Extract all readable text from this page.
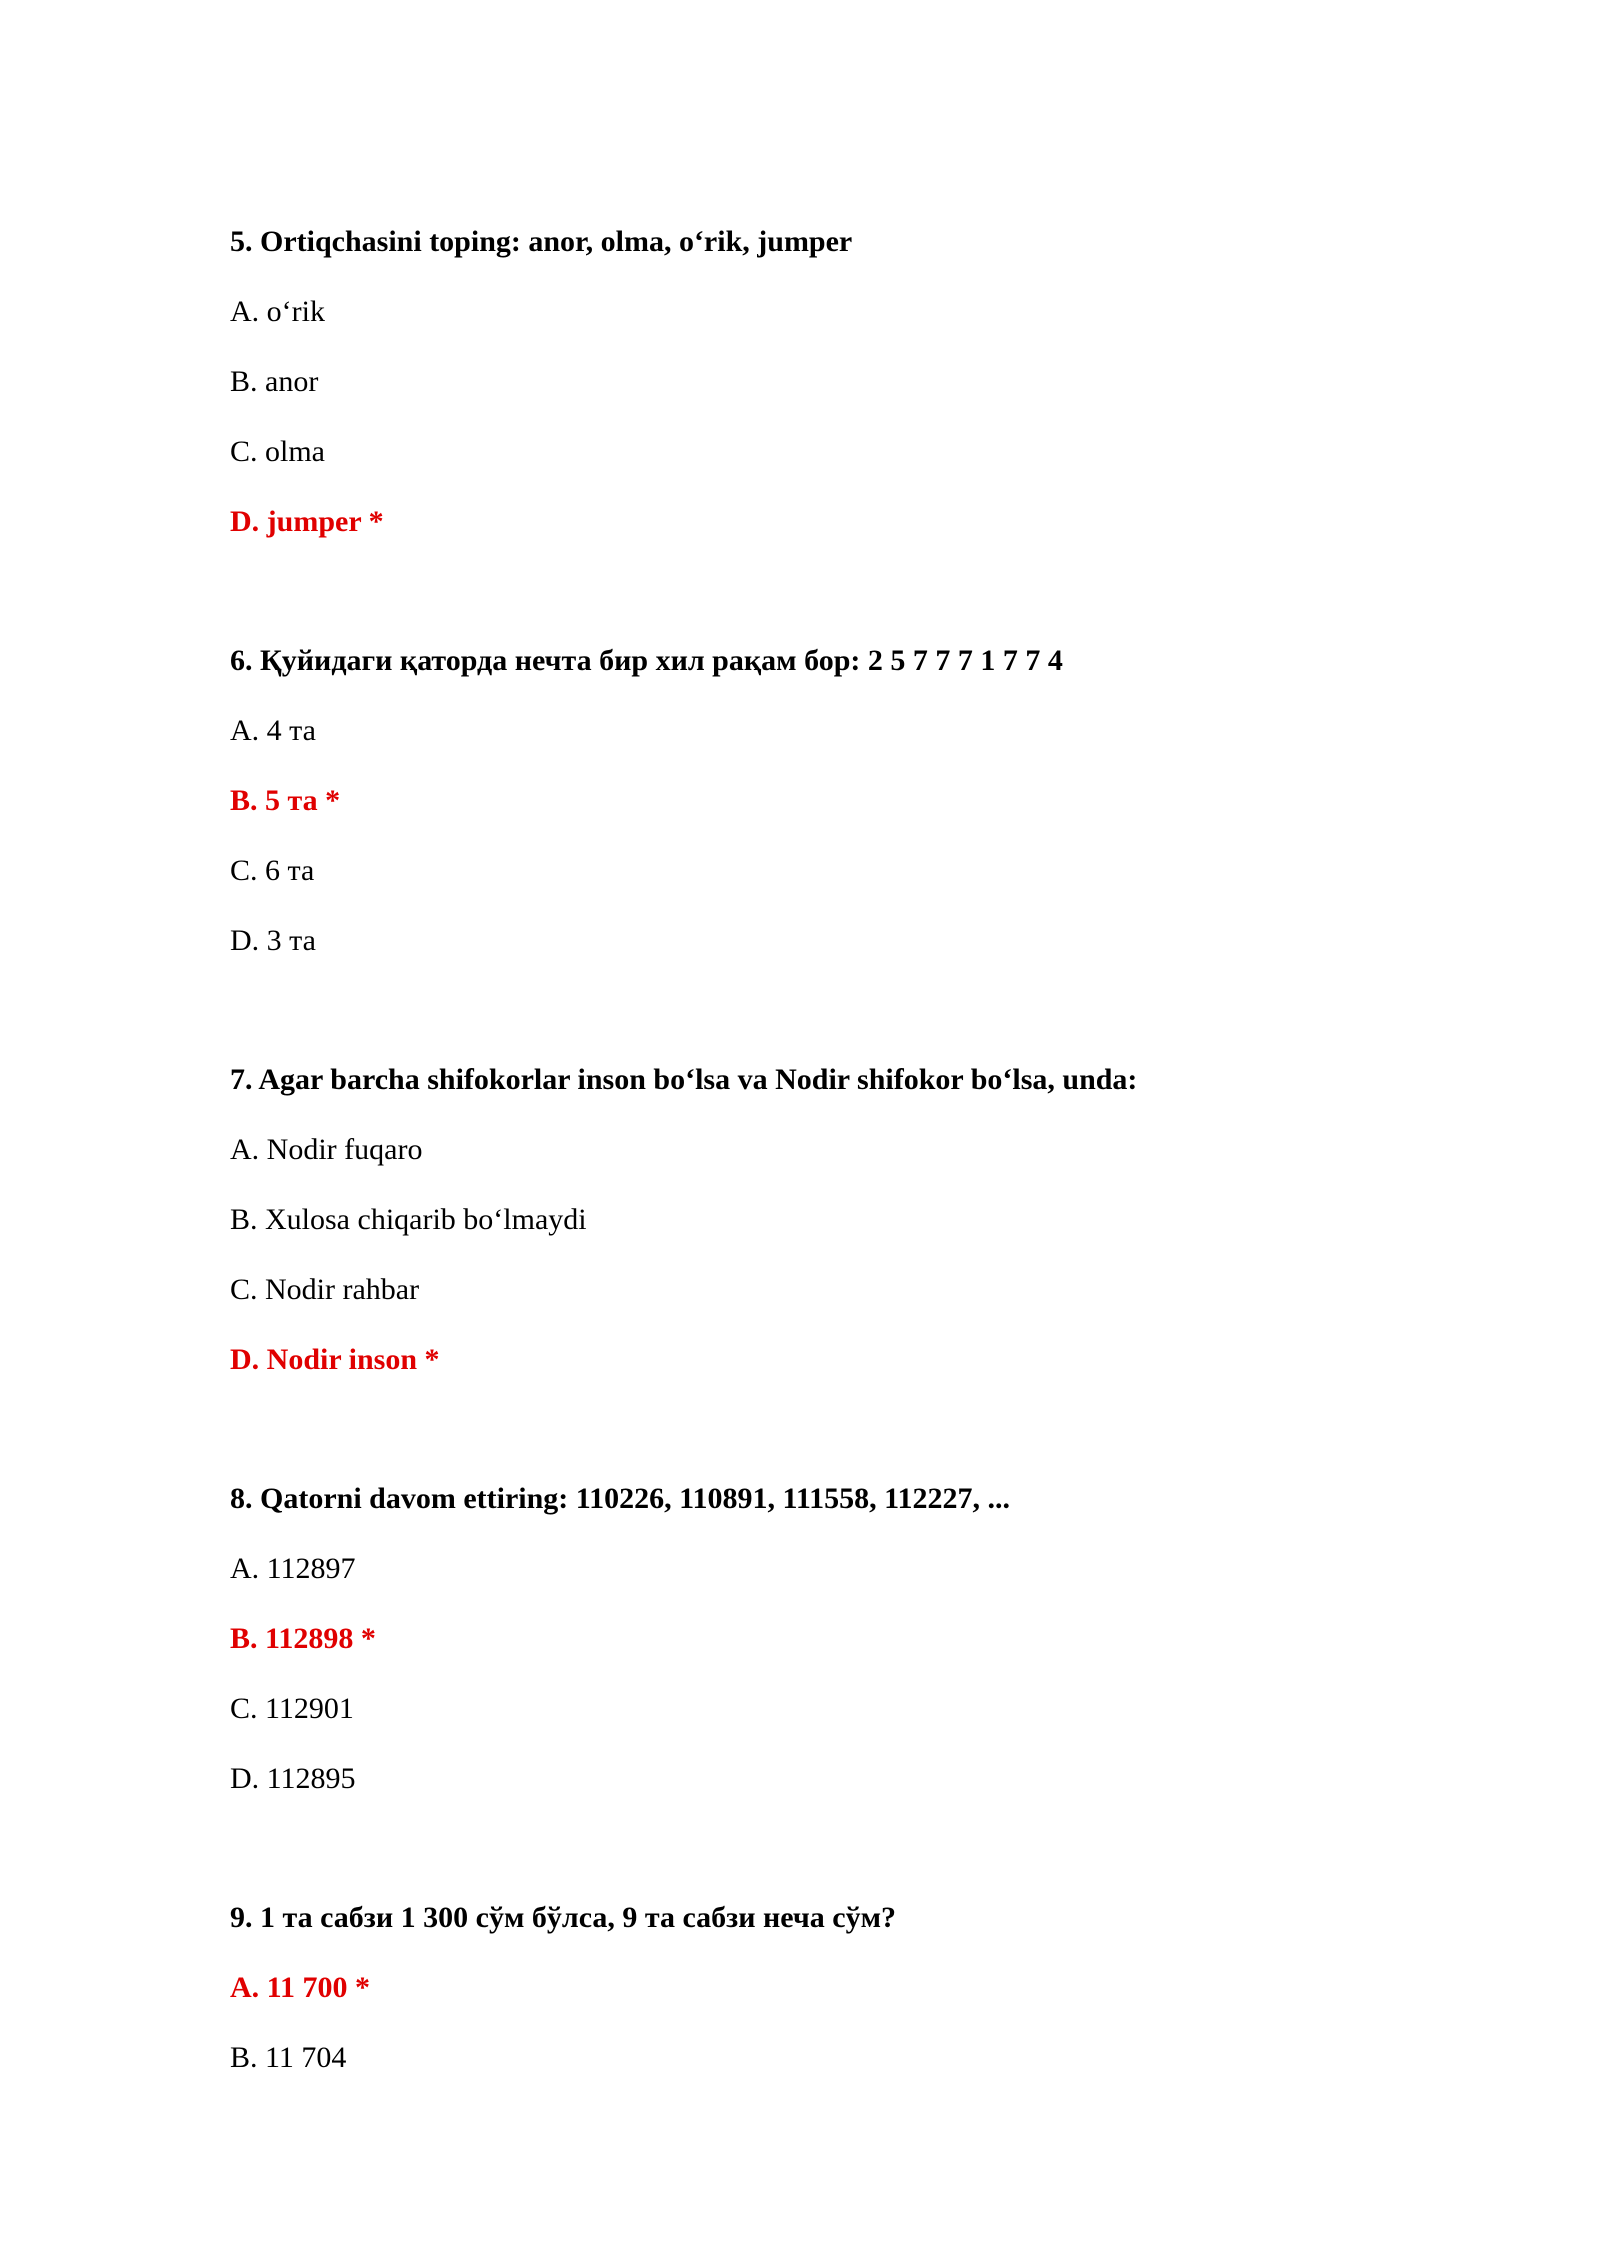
5. Ortiqchasini toping: anor, olma, o‘rik, jumper

A. o‘rik

B. anor

C. olma

D. jumper *

6. Қуйидаги қаторда нечта бир хил рақам бор: 2 5 7 7 7 1 7 7 4

A. 4 та

B. 5 та *

C. 6 та

D. 3 та

7. Agar barcha shifokorlar inson bo‘lsa va Nodir shifokor bo‘lsa, unda:

A. Nodir fuqaro

B. Xulosa chiqarib bo‘lmaydi

C. Nodir rahbar

D. Nodir inson *

8. Qatorni davom ettiring: 110226, 110891, 111558, 112227, ...

A. 112897

B. 112898 *

C. 112901

D. 112895

9. 1 та сабзи 1 300 сўм бўлса, 9 та сабзи неча сўм?

A. 11 700 *

B. 11 704
